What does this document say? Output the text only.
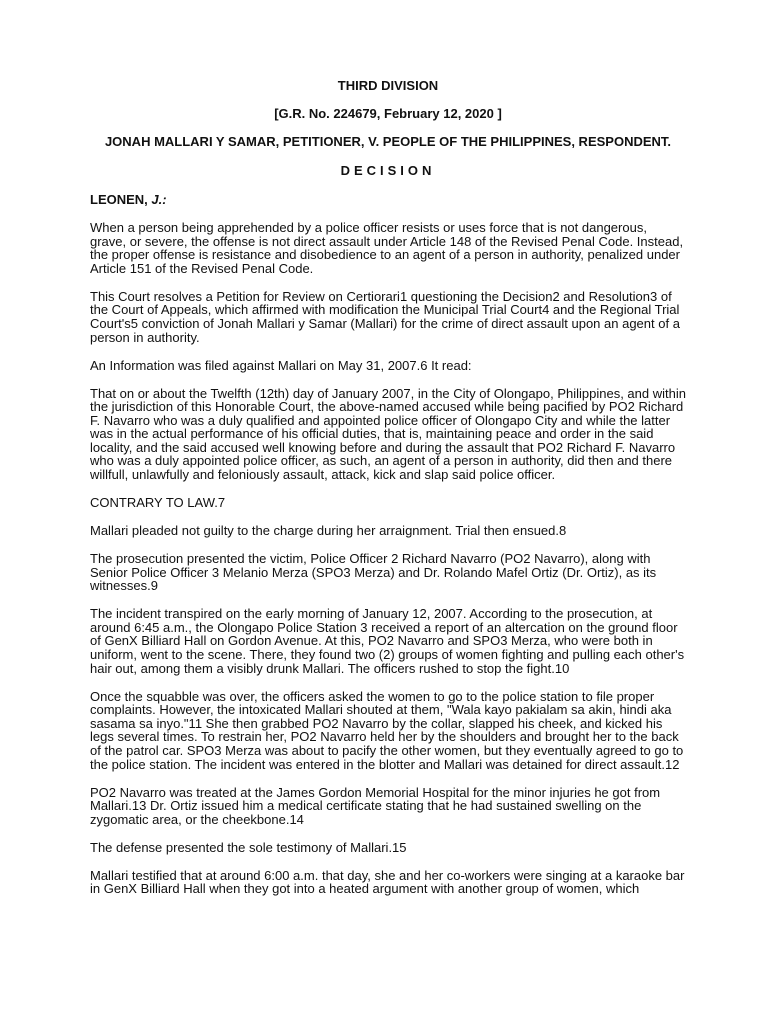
THIRD DIVISION
[G.R. No. 224679, February 12, 2020 ]
JONAH MALLARI Y SAMAR, PETITIONER, V. PEOPLE OF THE PHILIPPINES, RESPONDENT.
DECISION
LEONEN, J.:

When a person being apprehended by a police officer resists or uses force that is not dangerous, grave, or severe, the offense is not direct assault under Article 148 of the Revised Penal Code. Instead, the proper offense is resistance and disobedience to an agent of a person in authority, penalized under Article 151 of the Revised Penal Code.

This Court resolves a Petition for Review on Certiorari1 questioning the Decision2 and Resolution3 of the Court of Appeals, which affirmed with modification the Municipal Trial Court4 and the Regional Trial Court's5 conviction of Jonah Mallari y Samar (Mallari) for the crime of direct assault upon an agent of a person in authority.

An Information was filed against Mallari on May 31, 2007.6 It read:

That on or about the Twelfth (12th) day of January 2007, in the City of Olongapo, Philippines, and within the jurisdiction of this Honorable Court, the above-named accused while being pacified by PO2 Richard F. Navarro who was a duly qualified and appointed police officer of Olongapo City and while the latter was in the actual performance of his official duties, that is, maintaining peace and order in the said locality, and the said accused well knowing before and during the assault that PO2 Richard F. Navarro who was a duly appointed police officer, as such, an agent of a person in authority, did then and there willfull, unlawfully and feloniously assault, attack, kick and slap said police officer.

CONTRARY TO LAW.7

Mallari pleaded not guilty to the charge during her arraignment. Trial then ensued.8

The prosecution presented the victim, Police Officer 2 Richard Navarro (PO2 Navarro), along with Senior Police Officer 3 Melanio Merza (SPO3 Merza) and Dr. Rolando Mafel Ortiz (Dr. Ortiz), as its witnesses.9

The incident transpired on the early morning of January 12, 2007. According to the prosecution, at around 6:45 a.m., the Olongapo Police Station 3 received a report of an altercation on the ground floor of GenX Billiard Hall on Gordon Avenue. At this, PO2 Navarro and SPO3 Merza, who were both in uniform, went to the scene. There, they found two (2) groups of women fighting and pulling each other's hair out, among them a visibly drunk Mallari. The officers rushed to stop the fight.10

Once the squabble was over, the officers asked the women to go to the police station to file proper complaints. However, the intoxicated Mallari shouted at them, "Wala kayo pakialam sa akin, hindi aka sasama sa inyo."11 She then grabbed PO2 Navarro by the collar, slapped his cheek, and kicked his legs several times. To restrain her, PO2 Navarro held her by the shoulders and brought her to the back of the patrol car. SPO3 Merza was about to pacify the other women, but they eventually agreed to go to the police station. The incident was entered in the blotter and Mallari was detained for direct assault.12

PO2 Navarro was treated at the James Gordon Memorial Hospital for the minor injuries he got from Mallari.13 Dr. Ortiz issued him a medical certificate stating that he had sustained swelling on the zygomatic area, or the cheekbone.14

The defense presented the sole testimony of Mallari.15

Mallari testified that at around 6:00 a.m. that day, she and her co-workers were singing at a karaoke bar in GenX Billiard Hall when they got into a heated argument with another group of women, which
